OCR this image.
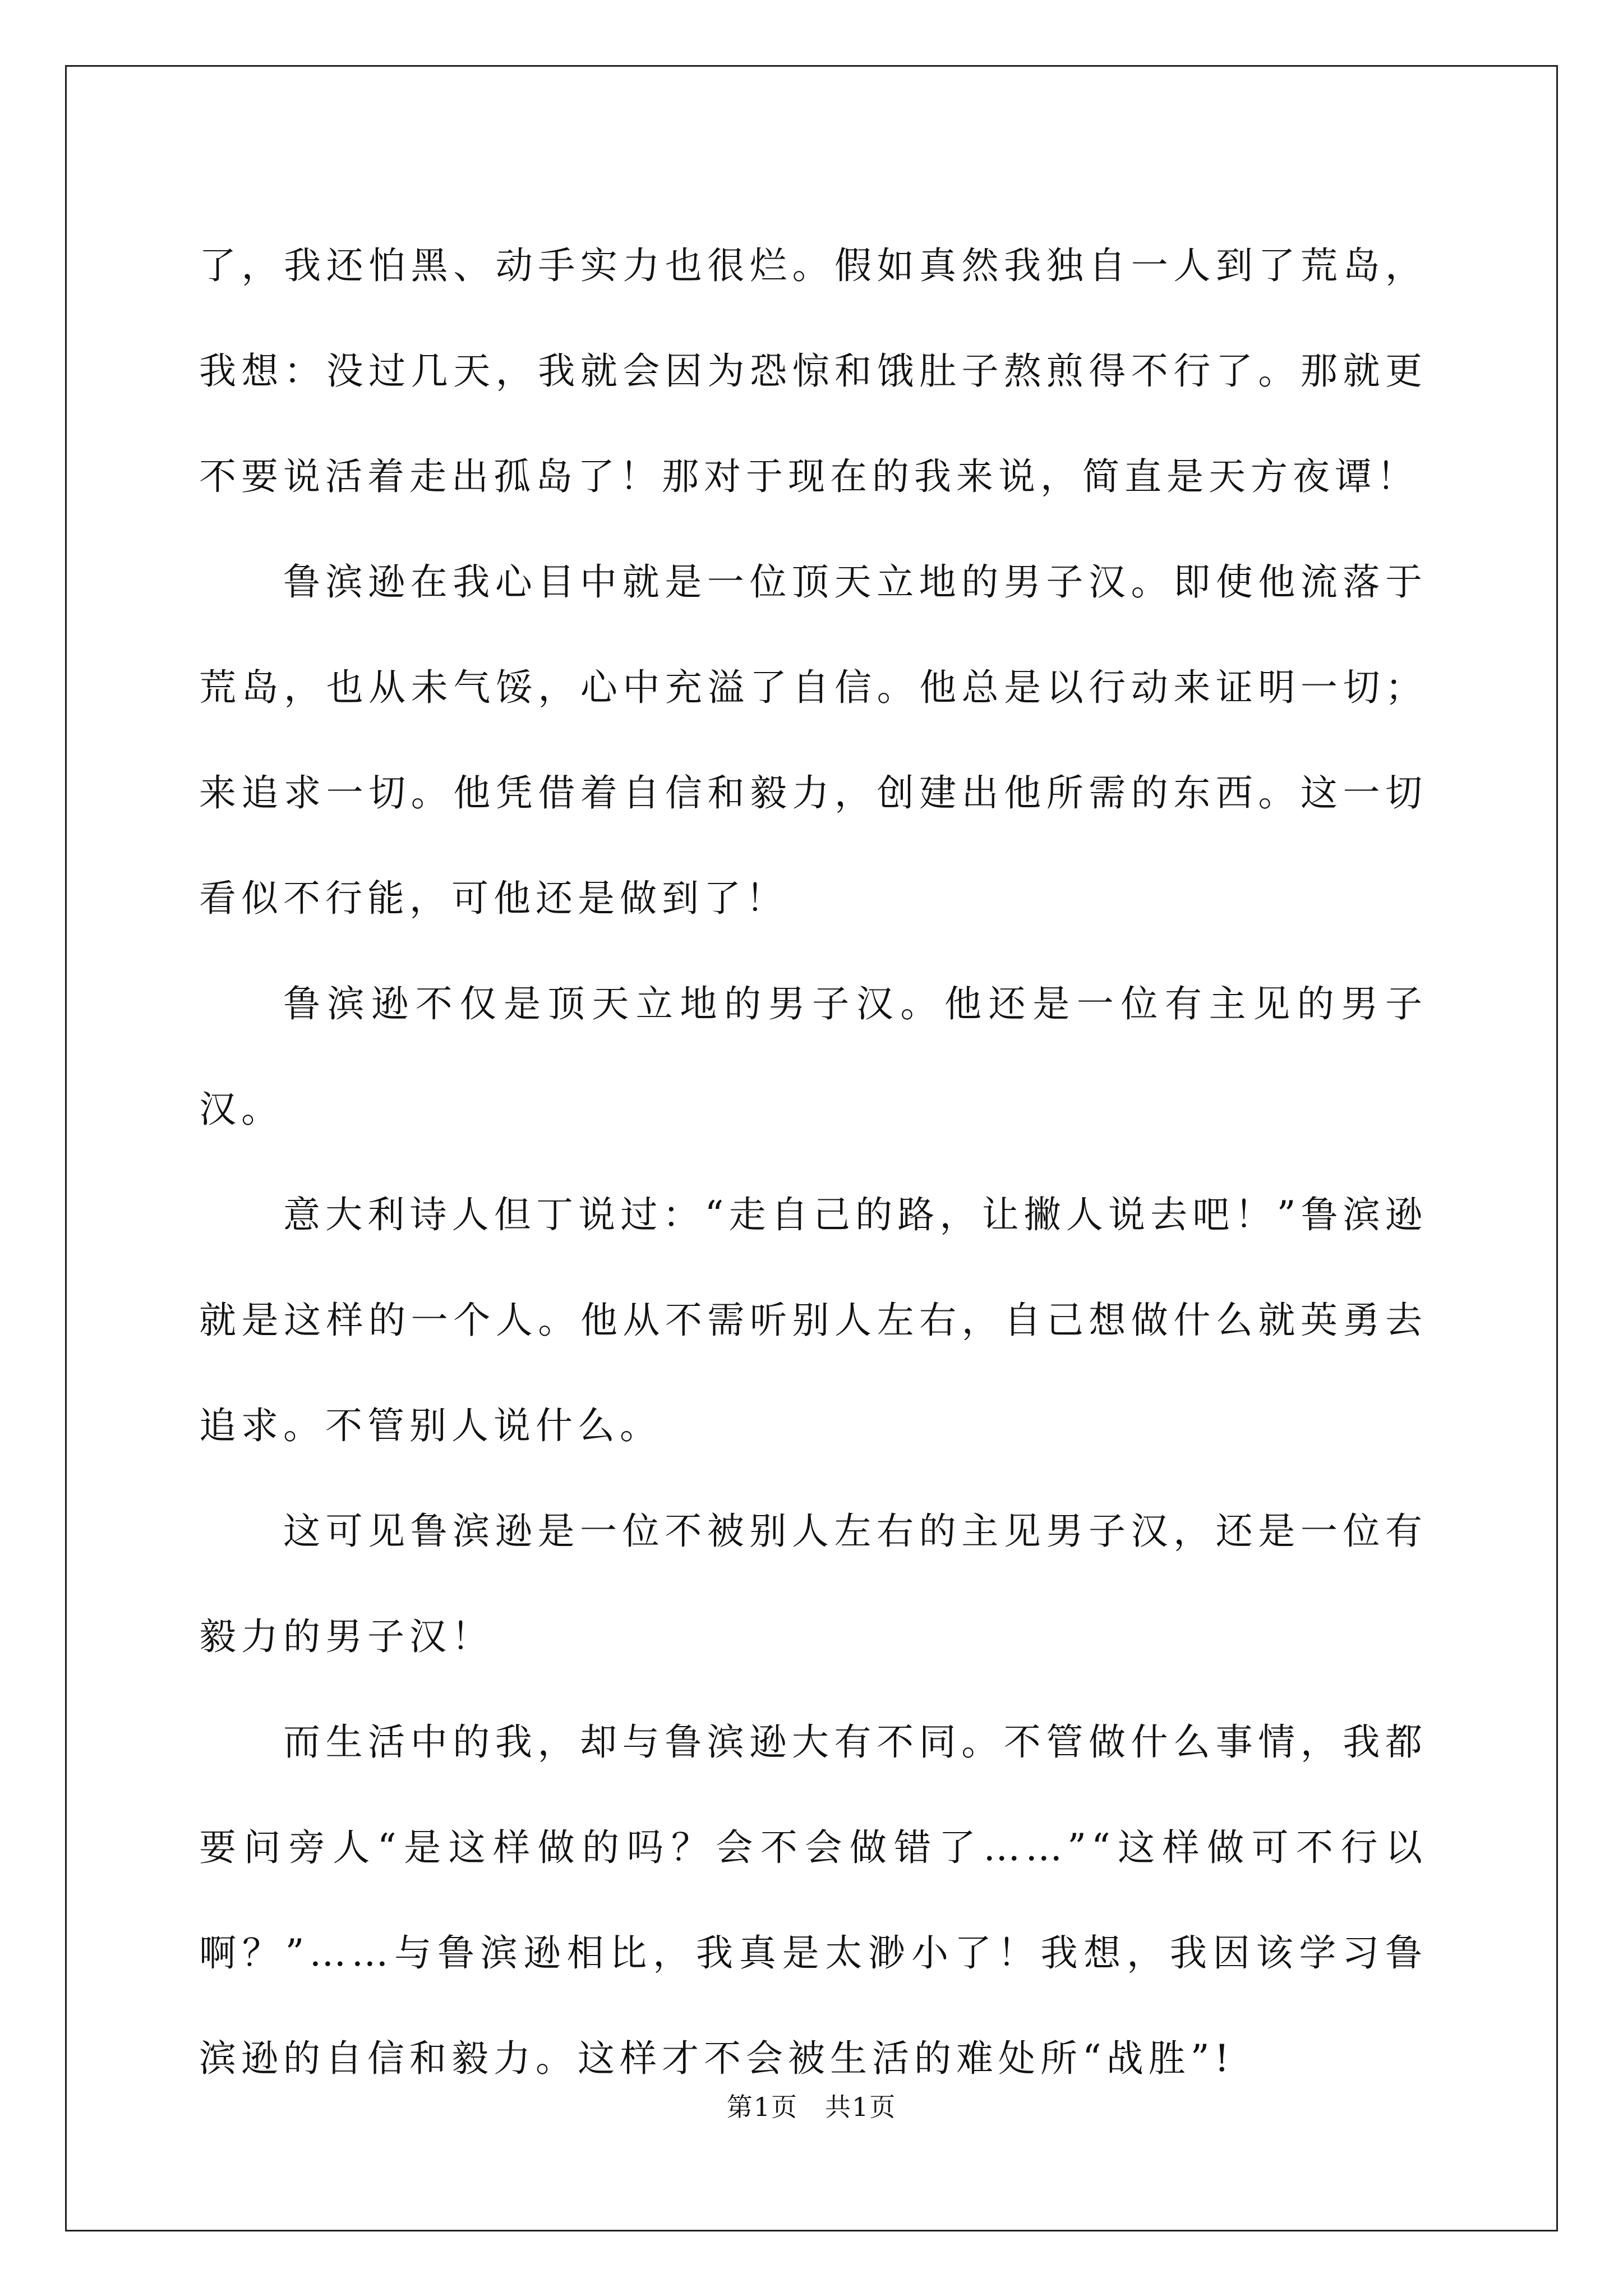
了，我还怕黑、动手实力也很烂。假如真然我独自一人到了荒岛，我想：没过几天，我就会因为恐惊和饿肚子熬煎得不行了。那就更不要说活着走出孤岛了！那对于现在的我来说，简直是天方夜谭！

鲁滨逊在我心目中就是一位顶天立地的男子汉。即使他流落于荒岛，也从未气馁，心中充溢了自信。他总是以行动来证明一切；来追求一切。他凭借着自信和毅力，创建出他所需的东西。这一切看似不行能，可他还是做到了！

鲁滨逊不仅是顶天立地的男子汉。他还是一位有主见的男子汉。

意大利诗人但丁说过：“走自己的路，让撇人说去吧！”鲁滨逊就是这样的一个人。他从不需听别人左右，自己想做什么就英勇去追求。不管别人说什么。

这可见鲁滨逊是一位不被别人左右的主见男子汉，还是一位有毅力的男子汉！

而生活中的我，却与鲁滨逊大有不同。不管做什么事情，我都要问旁人“是这样做的吗？会不会做错了……”“这样做可不行以啊？”……与鲁滨逊相比，我真是太渺小了！我想，我因该学习鲁滨逊的自信和毅力。这样才不会被生活的难处所“战胜”!

第1页　共1页
